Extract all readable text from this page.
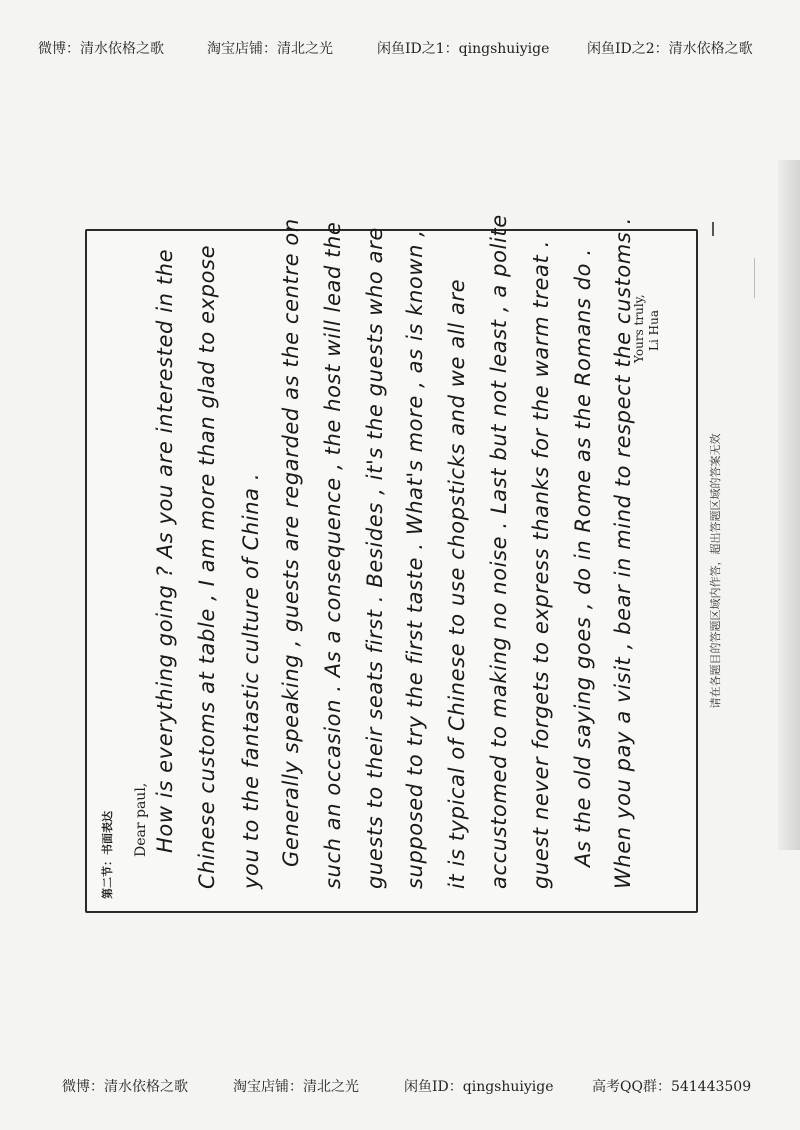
微博：清水依格之歌	淘宝店铺：清北之光	闲鱼ID之1：qingshuiyige	闲鱼ID之2：清水依格之歌
第二节：书面表达 Dear paul, How is everything going ? As you are interested in the Chinese customs at table , I am more than glad to expose you to the fantastic culture of China . Generally speaking , guests are regarded as the centre on such an occasion . As a consequence , the host will lead the guests to their seats first . Besides , it's the guests who are supposed to try the first taste . What's more , as is known , it is typical of Chinese to use chopsticks and we all are accustomed to making no noise . Last but not least , a polite guest never forgets to express thanks for the warm treat . As the old saying goes , do in Rome as the Romans do . When you pay a visit , bear in mind to respect the customs .
Yours truly, Li Hua
请在各题目的答题区域内作答，超出答题区域的答案无效
微博：清水依格之歌	淘宝店铺：清北之光	闲鱼ID：qingshuiyige	高考QQ群：541443509
